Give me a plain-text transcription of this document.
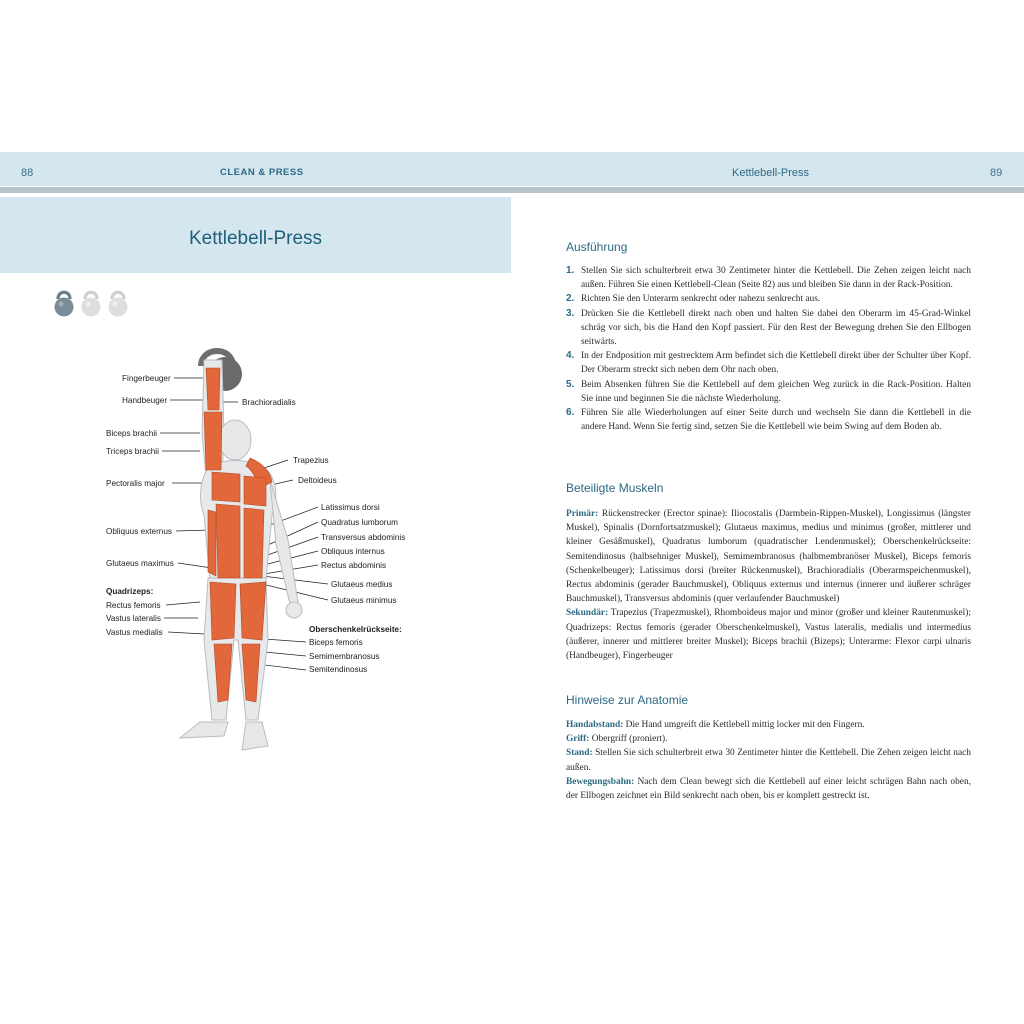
88	CLEAN & PRESS	Kettlebell-Press	89
Kettlebell-Press
Fingerbeuger
Handbeuger	Brachioradialis
Biceps brachii
Triceps brachii
Trapezius
Pectoralis major	Deltoideus
Latissimus dorsi
Quadratus lumborum
Transversus abdominis
Obliquus externus
Obliquus internus
Rectus abdominis
Glutaeus maximus
Glutaeus medius
Glutaeus minimus
Quadrizeps:
Rectus femoris
Vastus lateralis
Vastus medialis	Oberschenkelrückseite:
Biceps femoris
Semimembranosus
Semitendinosus
Ausführung
1. Stellen Sie sich schulterbreit etwa 30 Zentimeter hinter die Kettlebell. Die Zehen zeigen leicht nach außen. Führen Sie einen Kettlebell-Clean (Seite 82) aus und bleiben Sie dann in der Rack-Position.
2. Richten Sie den Unterarm senkrecht oder nahezu senkrecht aus.
3. Drücken Sie die Kettlebell direkt nach oben und halten Sie dabei den Oberarm im 45-Grad-Winkel schräg vor sich, bis die Hand den Kopf passiert. Für den Rest der Bewegung drehen Sie den Ellbogen seitwärts.
4. In der Endposition mit gestrecktem Arm befindet sich die Kettlebell direkt über der Schulter über Kopf. Der Oberarm streckt sich neben dem Ohr nach oben.
5. Beim Absenken führen Sie die Kettlebell auf dem gleichen Weg zurück in die Rack-Position. Halten Sie inne und beginnen Sie die nächste Wiederholung.
6. Führen Sie alle Wiederholungen auf einer Seite durch und wechseln Sie dann die Kettlebell in die andere Hand. Wenn Sie fertig sind, setzen Sie die Kettlebell wie beim Swing auf dem Boden ab.
Beteiligte Muskeln

Primär: Rückenstrecker (Erector spinae): Iliocostalis (Darmbein-Rippen-Muskel), Longissimus (längster Muskel), Spinalis (Dornfortsatzmuskel); Glutaeus maximus, medius und minimus (großer, mittlerer und kleiner Gesäßmuskel), Quadratus lumborum (quadratischer Lendenmuskel); Oberschenkelrückseite: Semitendinosus (halbsehniger Muskel), Semimembranosus (halbmembranöser Muskel), Biceps femoris (Schenkelbeuger); Latissimus dorsi (breiter Rückenmuskel), Brachioradialis (Oberarmspeichenmuskel), Rectus abdominis (gerader Bauchmuskel), Obliquus externus und internus (innerer und äußerer schräger Bauchmuskel), Transversus abdominis (quer verlaufender Bauchmuskel)
Sekundär: Trapezius (Trapezmuskel), Rhomboideus major und minor (großer und kleiner Rautenmuskel); Quadrizeps: Rectus femoris (gerader Oberschenkelmuskel), Vastus lateralis, medialis und intermedius (äußerer, innerer und mittlerer breiter Muskel); Biceps brachii (Bizeps); Unterarme: Flexor carpi ulnaris (Handbeuger), Fingerbeuger

Hinweise zur Anatomie

Handabstand: Die Hand umgreift die Kettlebell mittig locker mit den Fingern.
Griff: Obergriff (proniert).
Stand: Stellen Sie sich schulterbreit etwa 30 Zentimeter hinter die Kettlebell. Die Zehen zeigen leicht nach außen.
Bewegungsbahn: Nach dem Clean bewegt sich die Kettlebell auf einer leicht schrägen Bahn nach oben, der Ellbogen zeichnet ein Bild senkrecht nach oben, bis er komplett gestreckt ist.
